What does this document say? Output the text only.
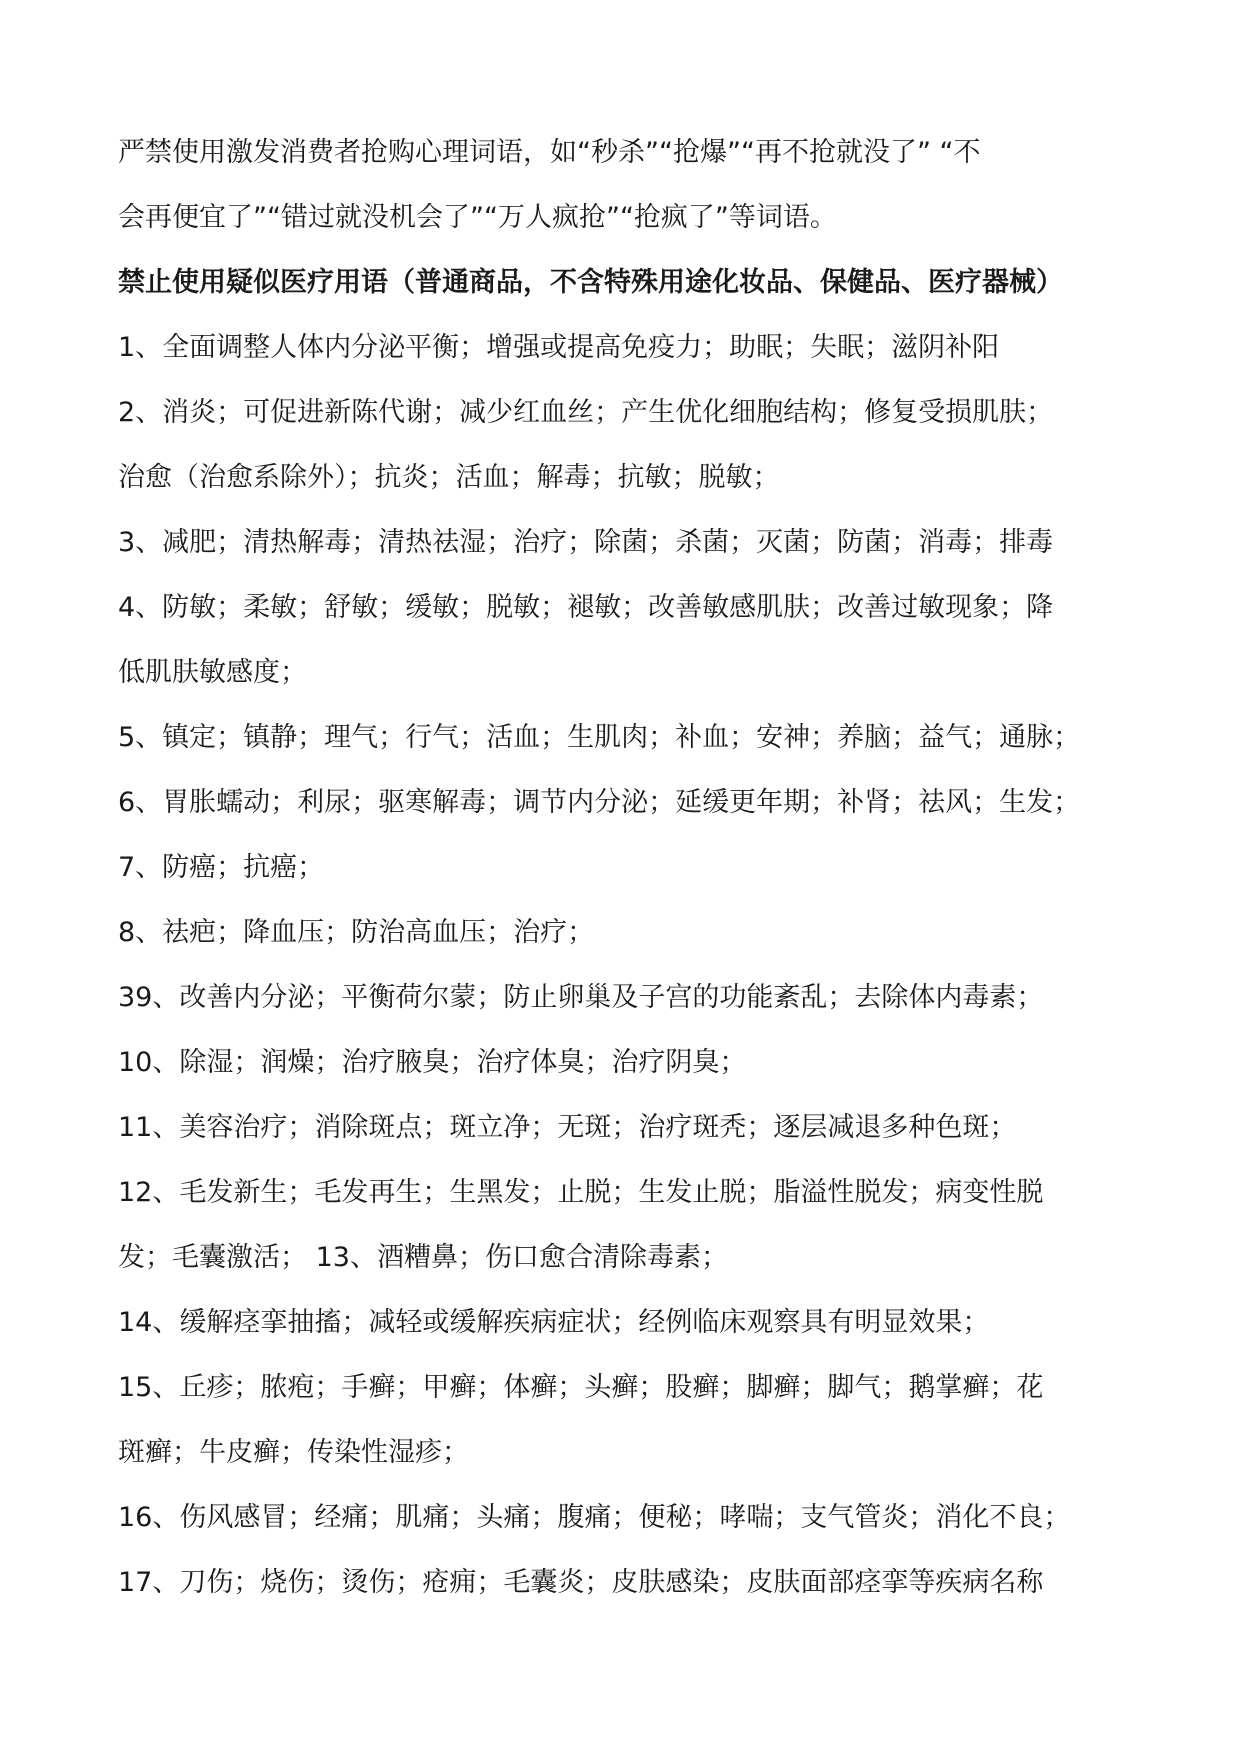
严禁使用激发消费者抢购心理词语，如“秒杀”“抢爆”“再不抢就没了” “不
会再便宜了”“错过就没机会了”“万人疯抢”“抢疯了”等词语。
禁止使用疑似医疗用语（普通商品，不含特殊用途化妆品、保健品、医疗器械）
1、全面调整人体内分泌平衡；增强或提高免疫力；助眠；失眠；滋阴补阳
2、消炎；可促进新陈代谢；减少红血丝；产生优化细胞结构；修复受损肌肤；
治愈（治愈系除外）；抗炎；活血；解毒；抗敏；脱敏；
3、减肥；清热解毒；清热祛湿；治疗；除菌；杀菌；灭菌；防菌；消毒；排毒
4、防敏；柔敏；舒敏；缓敏；脱敏；褪敏；改善敏感肌肤；改善过敏现象；降
低肌肤敏感度；
5、镇定；镇静；理气；行气；活血；生肌肉；补血；安神；养脑；益气；通脉；
6、胃胀蠕动；利尿；驱寒解毒；调节内分泌；延缓更年期；补肾；祛风；生发；
7、防癌；抗癌；
8、祛疤；降血压；防治高血压；治疗；
39、改善内分泌；平衡荷尔蒙；防止卵巢及子宫的功能紊乱；去除体内毒素；
10、除湿；润燥；治疗腋臭；治疗体臭；治疗阴臭；
11、美容治疗；消除斑点；斑立净；无斑；治疗斑秃；逐层减退多种色斑；
12、毛发新生；毛发再生；生黑发；止脱；生发止脱；脂溢性脱发；病变性脱
发；毛囊激活； 13、酒糟鼻；伤口愈合清除毒素；
14、缓解痉挛抽搐；减轻或缓解疾病症状；经例临床观察具有明显效果；
15、丘疹；脓疱；手癣；甲癣；体癣；头癣；股癣；脚癣；脚气；鹅掌癣；花
斑癣；牛皮癣；传染性湿疹；
16、伤风感冒；经痛；肌痛；头痛；腹痛；便秘；哮喘；支气管炎；消化不良；
17、刀伤；烧伤；烫伤；疮痈；毛囊炎；皮肤感染；皮肤面部痉挛等疾病名称
